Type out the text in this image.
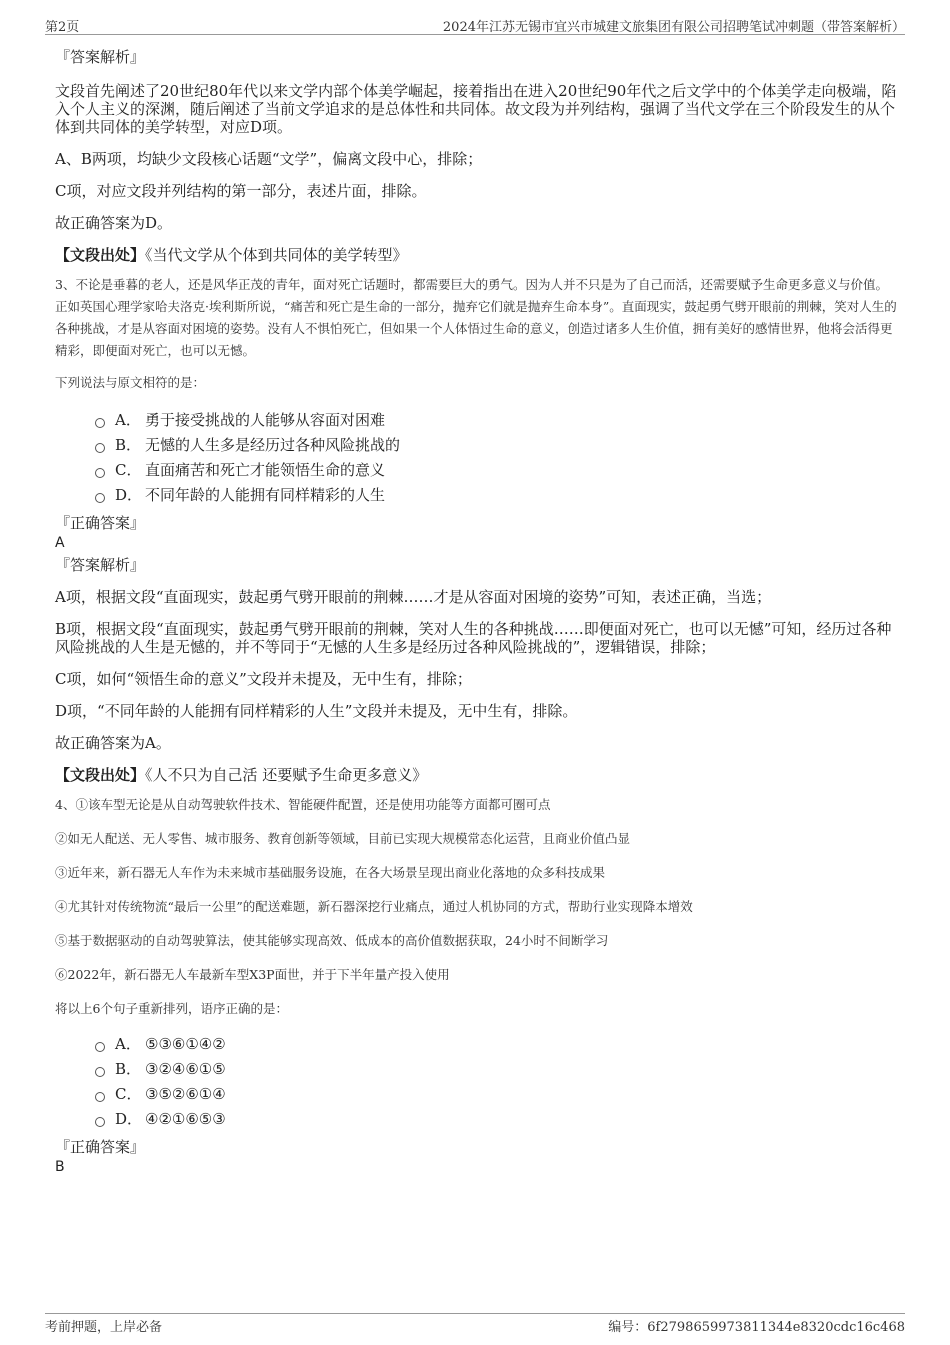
第2页	2024年江苏无锡市宜兴市城建文旅集团有限公司招聘笔试冲刺题（带答案解析）

『答案解析』

文段首先阐述了20世纪80年代以来文学内部个体美学崛起，接着指出在进入20世纪90年代之后文学中的个体美学走向极端，陷入个人主义的深渊，随后阐述了当前文学追求的是总体性和共同体。故文段为并列结构，强调了当代文学在三个阶段发生的从个体到共同体的美学转型，对应D项。

A、B两项，均缺少文段核心话题“文学”，偏离文段中心，排除；

C项，对应文段并列结构的第一部分，表述片面，排除。

故正确答案为D。

【文段出处】《当代文学从个体到共同体的美学转型》

3、不论是垂暮的老人，还是风华正茂的青年，面对死亡话题时，都需要巨大的勇气。因为人并不只是为了自己而活，还需要赋予生命更多意义与价值。正如英国心理学家哈夫洛克·埃利斯所说，“痛苦和死亡是生命的一部分，抛弃它们就是抛弃生命本身”。直面现实，鼓起勇气劈开眼前的荆棘，笑对人生的各种挑战，才是从容面对困境的姿势。没有人不惧怕死亡，但如果一个人体悟过生命的意义，创造过诸多人生价值，拥有美好的感情世界，他将会活得更精彩，即便面对死亡，也可以无憾。

下列说法与原文相符的是：

A． 勇于接受挑战的人能够从容面对困难

B． 无憾的人生多是经历过各种风险挑战的

C． 直面痛苦和死亡才能领悟生命的意义

D． 不同年龄的人能拥有同样精彩的人生

『正确答案』

A

『答案解析』

A项，根据文段“直面现实，鼓起勇气劈开眼前的荆棘……才是从容面对困境的姿势”可知，表述正确，当选；

B项，根据文段“直面现实，鼓起勇气劈开眼前的荆棘，笑对人生的各种挑战……即便面对死亡，也可以无憾”可知，经历过各种风险挑战的人生是无憾的，并不等同于“无憾的人生多是经历过各种风险挑战的”，逻辑错误，排除；

C项，如何“领悟生命的意义”文段并未提及，无中生有，排除；

D项，“不同年龄的人能拥有同样精彩的人生”文段并未提及，无中生有，排除。

故正确答案为A。

【文段出处】《人不只为自己活 还要赋予生命更多意义》

4、①该车型无论是从自动驾驶软件技术、智能硬件配置，还是使用功能等方面都可圈可点

②如无人配送、无人零售、城市服务、教育创新等领域，目前已实现大规模常态化运营，且商业价值凸显

③近年来，新石器无人车作为未来城市基础服务设施，在各大场景呈现出商业化落地的众多科技成果

④尤其针对传统物流“最后一公里”的配送难题，新石器深挖行业痛点，通过人机协同的方式，帮助行业实现降本增效

⑤基于数据驱动的自动驾驶算法，使其能够实现高效、低成本的高价值数据获取，24小时不间断学习

⑥2022年，新石器无人车最新车型X3P面世，并于下半年量产投入使用

将以上6个句子重新排列，语序正确的是：

A． ⑤③⑥①④②

B． ③②④⑥①⑤

C． ③⑤②⑥①④

D． ④②①⑥⑤③

『正确答案』

B

考前押题，上岸必备	编号：6f2798659973811344e8320cdc16c468
